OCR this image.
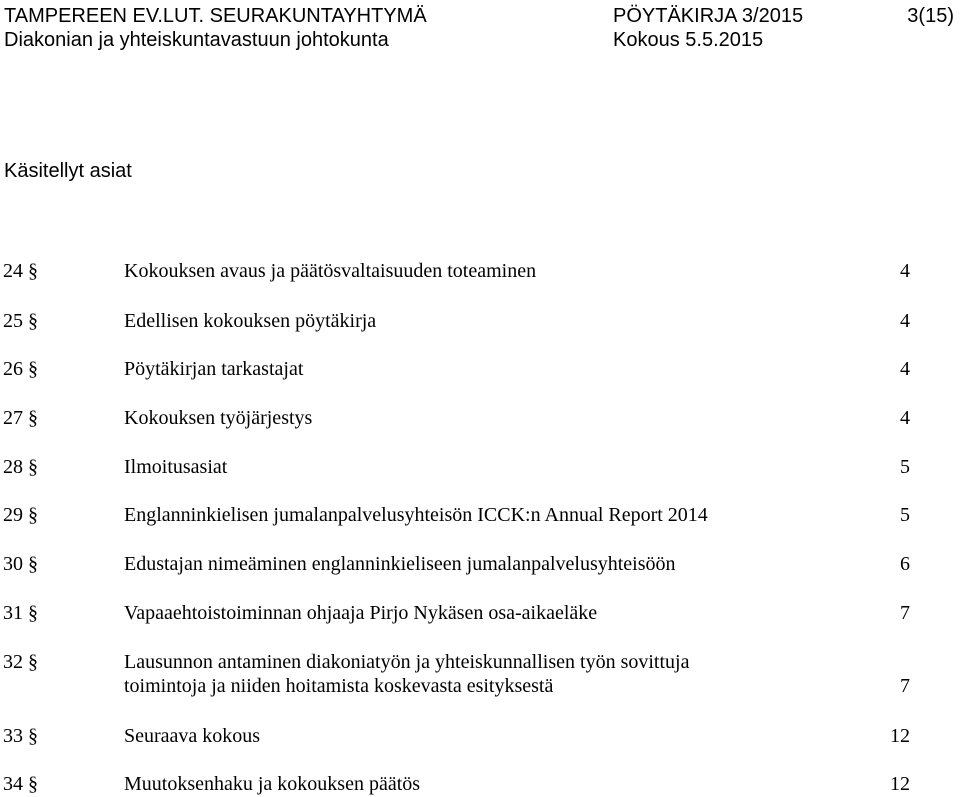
TAMPEREEN EV.LUT. SEURAKUNTAYHTYMÄ	PÖYTÄKIRJA 3/2015	3(15)
Diakonian ja yhteiskuntavastuun johtokunta	Kokous 5.5.2015
Käsitellyt asiat
24 §	Kokouksen avaus ja päätösvaltaisuuden toteaminen	4
25 §	Edellisen kokouksen pöytäkirja	4
26 §	Pöytäkirjan tarkastajat	4
27 §	Kokouksen työjärjestys	4
28 §	Ilmoitusasiat	5
29 §	Englanninkielisen jumalanpalvelusyhteisön ICCK:n Annual Report 2014	5
30 §	Edustajan nimeäminen englanninkieliseen jumalanpalvelusyhteisöön	6
31 §	Vapaaehtoistoiminnan ohjaaja Pirjo Nykäsen osa-aikaeläke	7
32 §	Lausunnon antaminen diakoniatyön ja yhteiskunnallisen työn sovittuja
toimintoja ja niiden hoitamista koskevasta esityksestä	7
33 §	Seuraava kokous	12
34 §	Muutoksenhaku ja kokouksen päätös	12
